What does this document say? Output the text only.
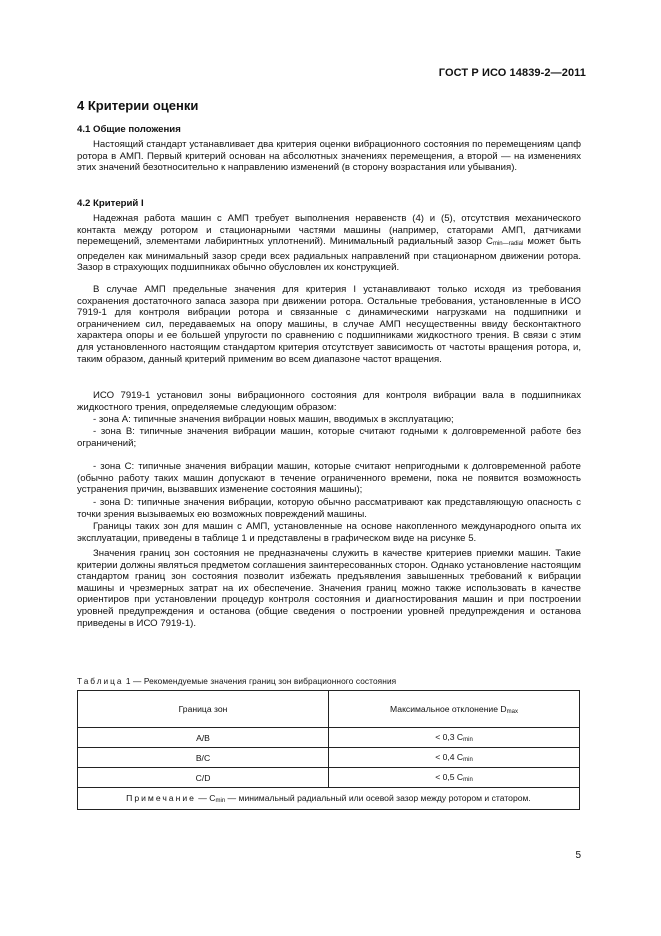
ГОСТ Р ИСО 14839-2—2011
4 Критерии оценки
4.1 Общие положения

Настоящий стандарт устанавливает два критерия оценки вибрационного состояния по перемещениям цапф ротора в АМП. Первый критерий основан на абсолютных значениях перемещения, а второй — на изменениях этих значений безотносительно к направлению изменений (в сторону возрастания или убывания).

4.2 Критерий I

Надежная работа машин с АМП требует выполнения неравенств (4) и (5), отсутствия механического контакта между ротором и стационарными частями машины (например, статорами АМП, датчиками перемещений, элементами лабиринтных уплотнений). Минимальный радиальный зазор $C_{min—radial}$ может быть определен как минимальный зазор среди всех радиальных направлений при стационарном движении ротора. Зазор в страхующих подшипниках обычно обусловлен их конструкцией.

В случае АМП предельные значения для критерия I устанавливают только исходя из требования сохранения достаточного запаса зазора при движении ротора. Остальные требования, установленные в ИСО 7919-1 для контроля вибрации ротора и связанные с динамическими нагрузками на подшипники и ограничением сил, передаваемых на опору машины, в случае АМП несущественны ввиду бесконтактного характера опоры и ее большей упругости по сравнению с подшипниками жидкостного трения. В связи с этим для установленного настоящим стандартом критерия отсутствует зависимость от частоты вращения ротора, и, таким образом, данный критерий применим во всем диапазоне частот вращения.

ИСО 7919-1 установил зоны вибрационного состояния для контроля вибрации вала в подшипниках жидкостного трения, определяемые следующим образом:

- зона A: типичные значения вибрации новых машин, вводимых в эксплуатацию;

- зона B: типичные значения вибрации машин, которые считают годными к долговременной работе без ограничений;

- зона C: типичные значения вибрации машин, которые считают непригодными к долговременной работе (обычно работу таких машин допускают в течение ограниченного времени, пока не появится возможность устранения причин, вызвавших изменение состояния машины);

- зона D: типичные значения вибрации, которую обычно рассматривают как представляющую опасность с точки зрения вызываемых ею возможных повреждений машины.

Границы таких зон для машин с АМП, установленные на основе накопленного международного опыта их эксплуатации, приведены в таблице 1 и представлены в графическом виде на рисунке 5.

Значения границ зон состояния не предназначены служить в качестве критериев приемки машин. Такие критерии должны являться предметом соглашения заинтересованных сторон. Однако установление настоящим стандартом границ зон состояния позволит избежать предъявления завышенных требований к вибрации машины и чрезмерных затрат на их обеспечение. Значения границ можно также использовать в качестве ориентиров при установлении процедур контроля состояния и диагностирования машин и при построении уровней предупреждения и останова (общие сведения о построении уровней предупреждения и останова приведены в ИСО 7919-1).

Таблица 1 — Рекомендуемые значения границ зон вибрационного состояния
Граница зон	Максимальное отклонение $D_{max}$
A/B	< 0,3 $C_{min}$
B/C	< 0,4 $C_{min}$
C/D	< 0,5 $C_{min}$
Примечание — $C_{min}$ — минимальный радиальный или осевой зазор между ротором и статором.	
5
